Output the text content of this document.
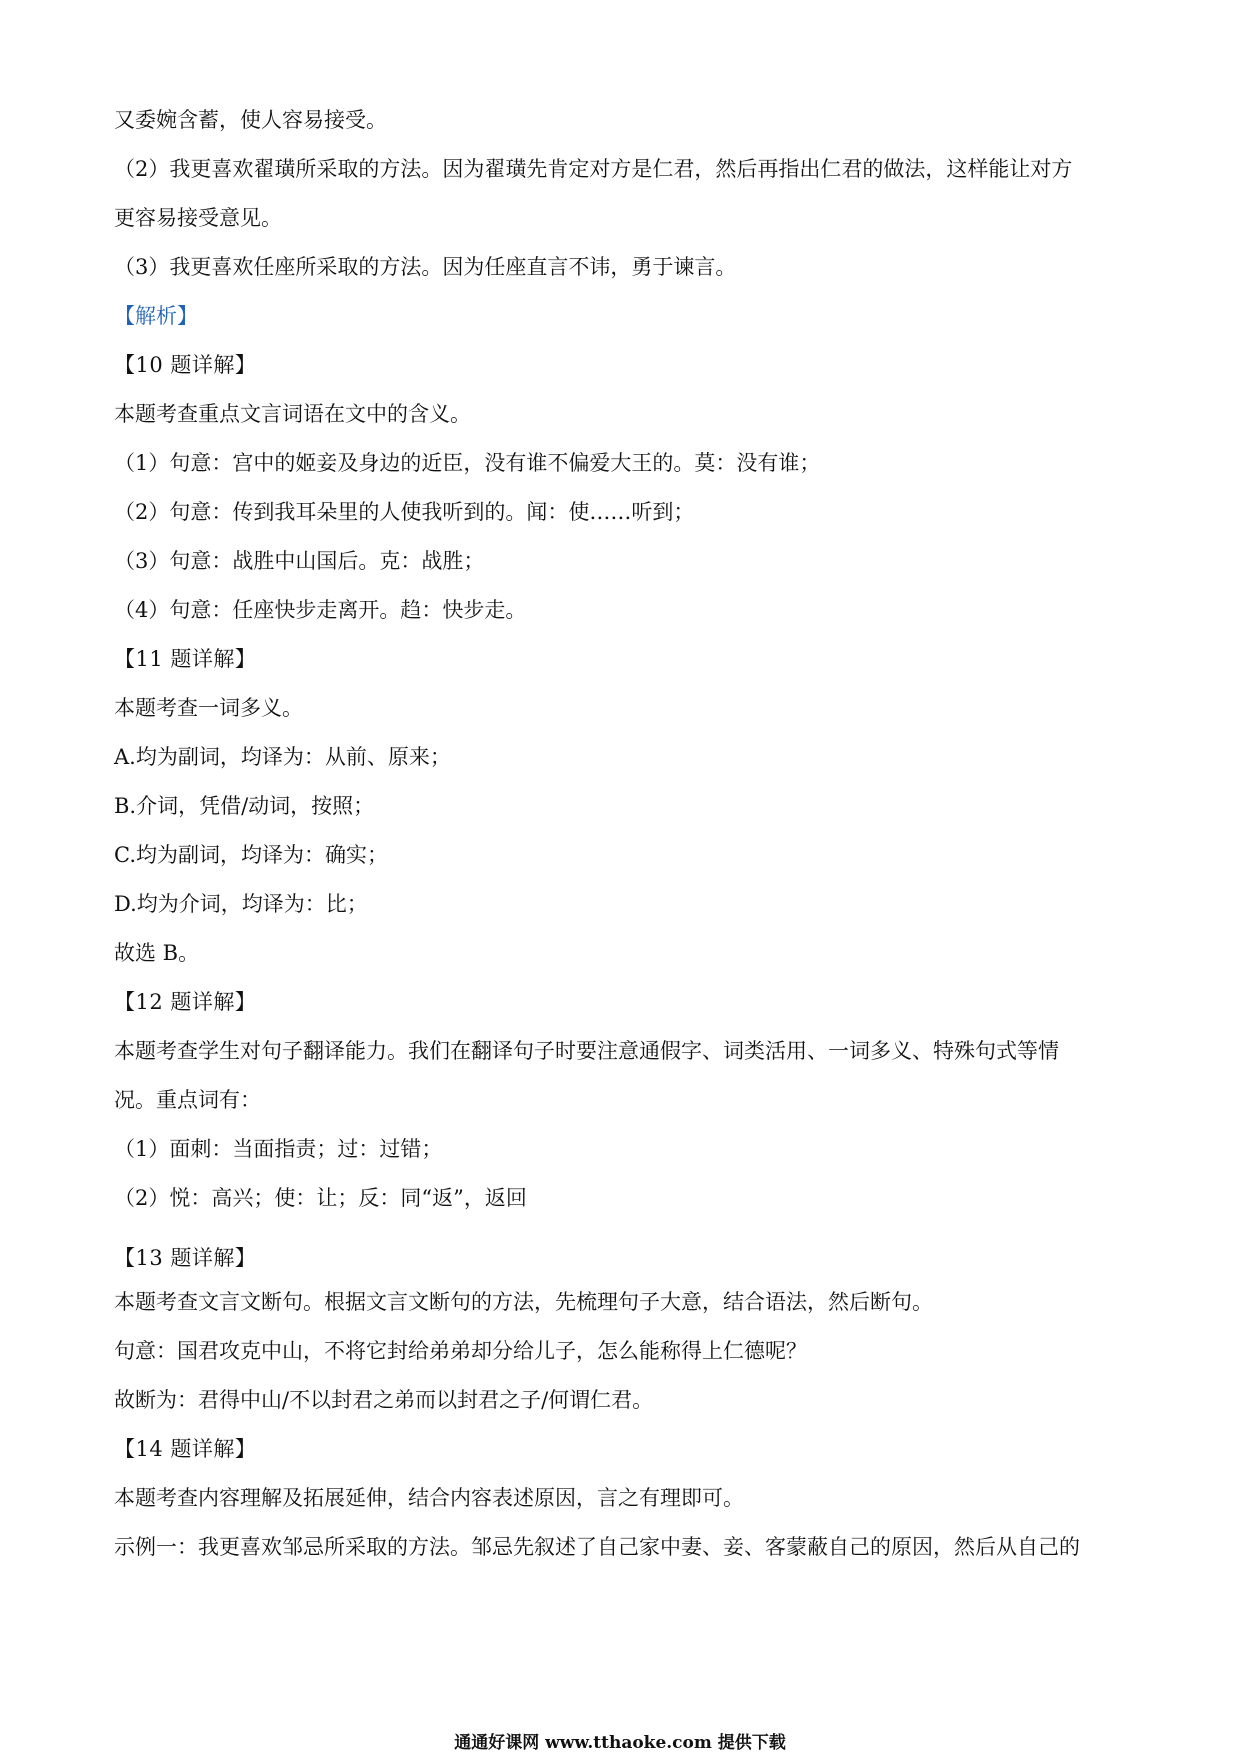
又委婉含蓄，使人容易接受。
（2）我更喜欢翟璜所采取的方法。因为翟璜先肯定对方是仁君，然后再指出仁君的做法，这样能让对方
更容易接受意见。
（3）我更喜欢任座所采取的方法。因为任座直言不讳，勇于谏言。
【解析】
【10 题详解】
本题考查重点文言词语在文中的含义。
（1）句意：宫中的姬妾及身边的近臣，没有谁不偏爱大王的。莫：没有谁；
（2）句意：传到我耳朵里的人使我听到的。闻：使……听到；
（3）句意：战胜中山国后。克：战胜；
（4）句意：任座快步走离开。趋：快步走。
【11 题详解】
本题考查一词多义。
A.均为副词，均译为：从前、原来；
B.介词，凭借/动词，按照；
C.均为副词，均译为：确实；
D.均为介词，均译为：比；
故选 B。
【12 题详解】
本题考查学生对句子翻译能力。我们在翻译句子时要注意通假字、词类活用、一词多义、特殊句式等情
况。重点词有：
（1）面刺：当面指责；过：过错；
（2）悦：高兴；使：让；反：同“返”，返回
【13 题详解】
本题考查文言文断句。根据文言文断句的方法，先梳理句子大意，结合语法，然后断句。
句意：国君攻克中山，不将它封给弟弟却分给儿子，怎么能称得上仁德呢？
故断为：君得中山/不以封君之弟而以封君之子/何谓仁君。
【14 题详解】
本题考查内容理解及拓展延伸，结合内容表述原因，言之有理即可。
示例一：我更喜欢邹忌所采取的方法。邹忌先叙述了自己家中妻、妾、客蒙蔽自己的原因，然后从自己的
通通好课网 www.tthaoke.com 提供下载
